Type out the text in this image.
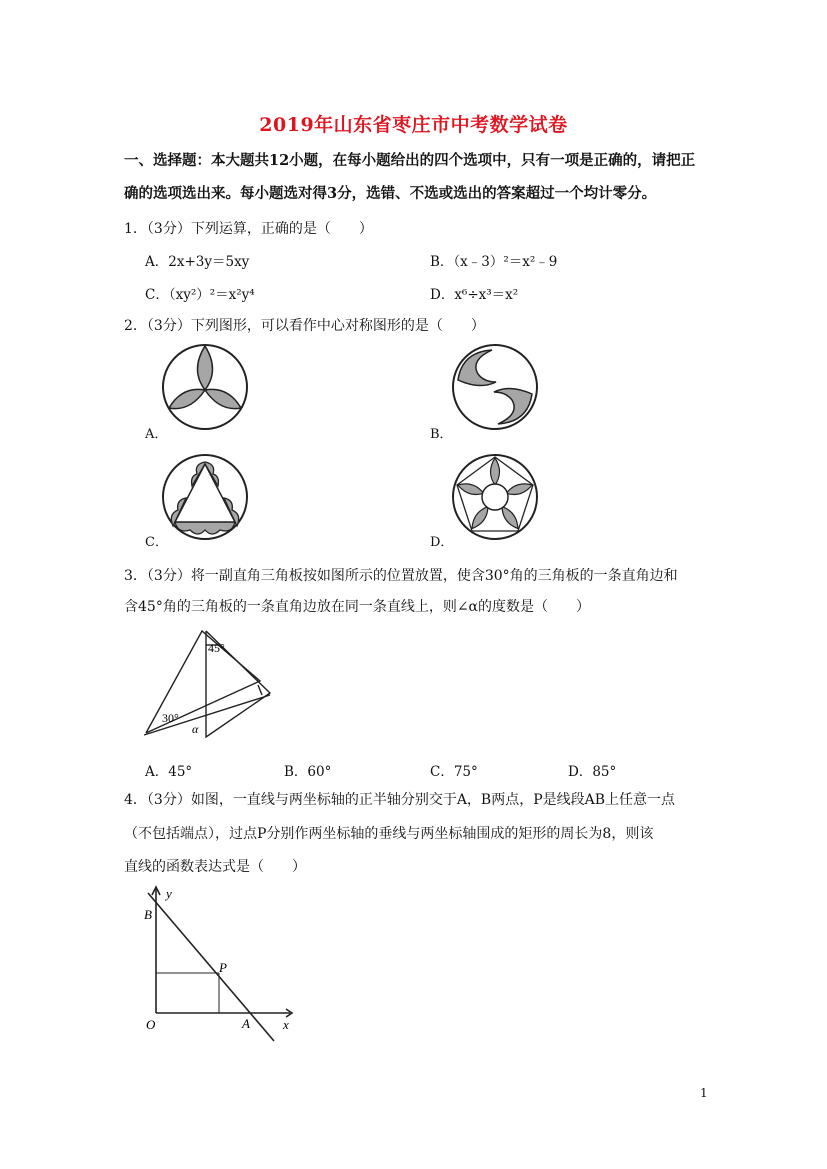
2019年山东省枣庄市中考数学试卷
一、选择题：本大题共12小题，在每小题给出的四个选项中，只有一项是正确的，请把正
确的选项选出来。每小题选对得3分，选错、不选或选出的答案超过一个均计零分。
1．（3分）下列运算，正确的是（　　）
A．2x+3y＝5xy	B．（x﹣3）²＝x²﹣9
C．（xy²）²＝x²y⁴	D．x⁶÷x³＝x²
2．（3分）下列图形，可以看作中心对称图形的是（　　）
A．	B．
C．	D．
3．（3分）将一副直角三角板按如图所示的位置放置，使含30°角的三角板的一条直角边和
含45°角的三角板的一条直角边放在同一条直线上，则∠α的度数是（　　）
45°
30°
α
A．45°	B．60°	C．75°	D．85°
4．（3分）如图，一直线与两坐标轴的正半轴分别交于A，B两点，P是线段AB上任意一点
（不包括端点），过点P分别作两坐标轴的垂线与两坐标轴围成的矩形的周长为8，则该
直线的函数表达式是（　　）
y
x
B
P
O	A
1
